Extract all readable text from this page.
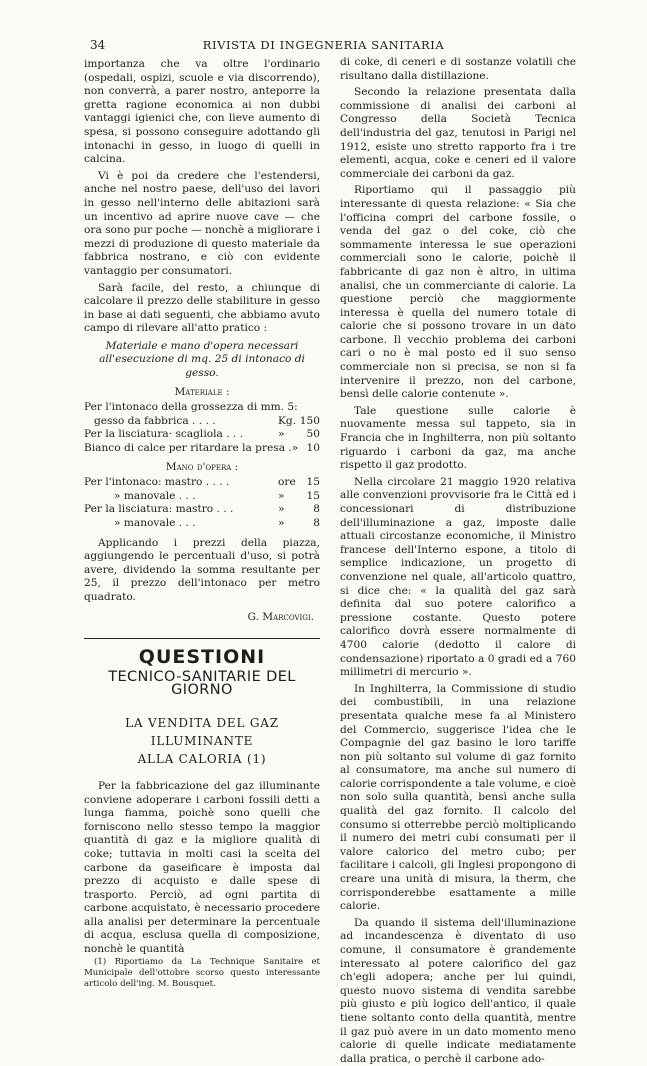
34	RIVISTA DI INGEGNERIA SANITARIA

importanza che va oltre l'ordinario (ospedali, ospizi, scuole e via discorrendo), non converrà, a parer nostro, anteporre la gretta ragione economica ai non dubbi vantaggi igienici che, con lieve aumento di spesa, si possono conseguire adottando gli intonachi in gesso, in luogo di quelli in calcina.

Vi è poi da credere che l'estendersi, anche nel nostro paese, dell'uso dei lavori in gesso nell'interno delle abitazioni sarà un incentivo ad aprire nuove cave — che ora sono pur poche — nonchè a migliorare i mezzi di produzione di questo materiale da fabbrica nostrano, e ciò con evidente vantaggio per consumatori.

Sarà facile, del resto, a chiunque di calcolare il prezzo delle stabiliture in gesso in base ai dati seguenti, che abbiamo avuto campo di rilevare all'atto pratico :

Materiale e mano d'opera necessari
all'esecuzione di mq. 25 di intonaco di gesso.
Materiale :
Per l'intonaco della grossezza di mm. 5:
gesso da fabbrica . . . .	Kg. 150
Per la lisciatura· scagliola . . .	»	50
Bianco di calce per ritardare la presa . » 10
Mano d'opera :
Per l'intonaco: mastro . . . .	ore	15
» manovale . . .	»	15
Per la lisciatura: mastro . . .	»	8
» manovale . . .	»	8

Applicando i prezzi della piazza, aggiungendo le percentuali d'uso, si potrà avere, dividendo la somma resultante per 25, il prezzo dell'intonaco per metro quadrato.

G. Marcovigi.
QUESTIONI
TECNICO-SANITARIE DEL GIORNO
LA VENDITA DEL GAZ ILLUMINANTE
ALLA CALORIA (1)

Per la fabbricazione del gaz illuminante conviene adoperare i carboni fossili detti a lunga fiamma, poichè sono quelli che forniscono nello stesso tempo la maggior quantità di gaz e la migliore qualità di coke; tuttavia in molti casi la scelta del carbone da gaseificare è imposta dal prezzo di acquisto e dalle spese di trasporto. Perciò, ad ogni partita di carbone acquistato, è necessario procedere alla analisi per determinare la percentuale di acqua, esclusa quella di composizione, nonchè le quantità

(1) Riportiamo da La Technique Sanitaire et Municipale dell'ottobre scorso questo interessante articolo dell'ing. M. Bousquet.

di coke, di ceneri e di sostanze volatili che risultano dalla distillazione.

Secondo la relazione presentata dalla commissione di analisi dei carboni al Congresso della Società Tecnica dell'industria del gaz, tenutosi in Parigi nel 1912, esiste uno stretto rapporto fra i tre elementi, acqua, coke e ceneri ed il valore commerciale dei carboni da gaz.

Riportiamo qui il passaggio più interessante di questa relazione: « Sia che l'officina compri del carbone fossile, o venda del gaz o del coke, ciò che sommamente interessa le sue operazioni commerciali sono le calorie, poichè il fabbricante di gaz non è altro, in ultima analisi, che un commerciante di calorie. La questione perciò che maggiormente interessa è quella del numero totale di calorie che si possono trovare in un dato carbone. Il vecchio problema dei carboni cari o no è mal posto ed il suo senso commerciale non si precisa, se non si fa intervenire il prezzo, non del carbone, bensì delle calorie contenute ».

Tale questione sulle calorie è nuovamente messa sul tappeto, sia in Francia che in Inghilterra, non più soltanto riguardo i carboni da gaz, ma anche rispetto il gaz prodotto.

Nella circolare 21 maggio 1920 relativa alle convenzioni provvisorie fra le Città ed i concessionari di distribuzione dell'illuminazione a gaz, imposte dalle attuali circostanze economiche, il Ministro francese dell'Interno espone, a titolo di semplice indicazione, un progetto di convenzione nel quale, all'articolo quattro, si dice che: « la qualità del gaz sarà definita dal suo potere calorifico a pressione costante. Questo potere calorifico dovrà essere normalmente di 4700 calorie (dedotto il calore di condensazione) riportato a 0 gradi ed a 760 millimetri di mercurio ».

In Inghilterra, la Commissione di studio dei combustibili, in una relazione presentata qualche mese fa al Ministero del Commercio, suggerisce l'idea che le Compagnie del gaz basino le loro tariffe non più soltanto sul volume di gaz fornito al consumatore, ma anche sul numero di calorie corrispondente a tale volume, e cioè non solo sulla quantità, bensì anche sulla qualità del gaz fornito. Il calcolo del consumo si otterrebbe perciò moltiplicando il numero dei metri cubi consumati per il valore calorico del metro cubo; per facilitare i calcoli, gli Inglesi propongono di creare una unità di misura, la therm, che corrisponderebbe esattamente a mille calorie.

Da quando il sistema dell'illuminazione ad incandescenza è diventato di uso comune, il consumatore è grandemente interessato al potere calorifico del gaz ch'egli adopera; anche per lui quindi, questo nuovo sistema di vendita sarebbe più giusto e più logico dell'antico, il quale tiene soltanto conto della quantità, mentre il gaz può avere in un dato momento meno calorie di quelle indicate mediatamente dalla pratica, o perchè il carbone ado-
